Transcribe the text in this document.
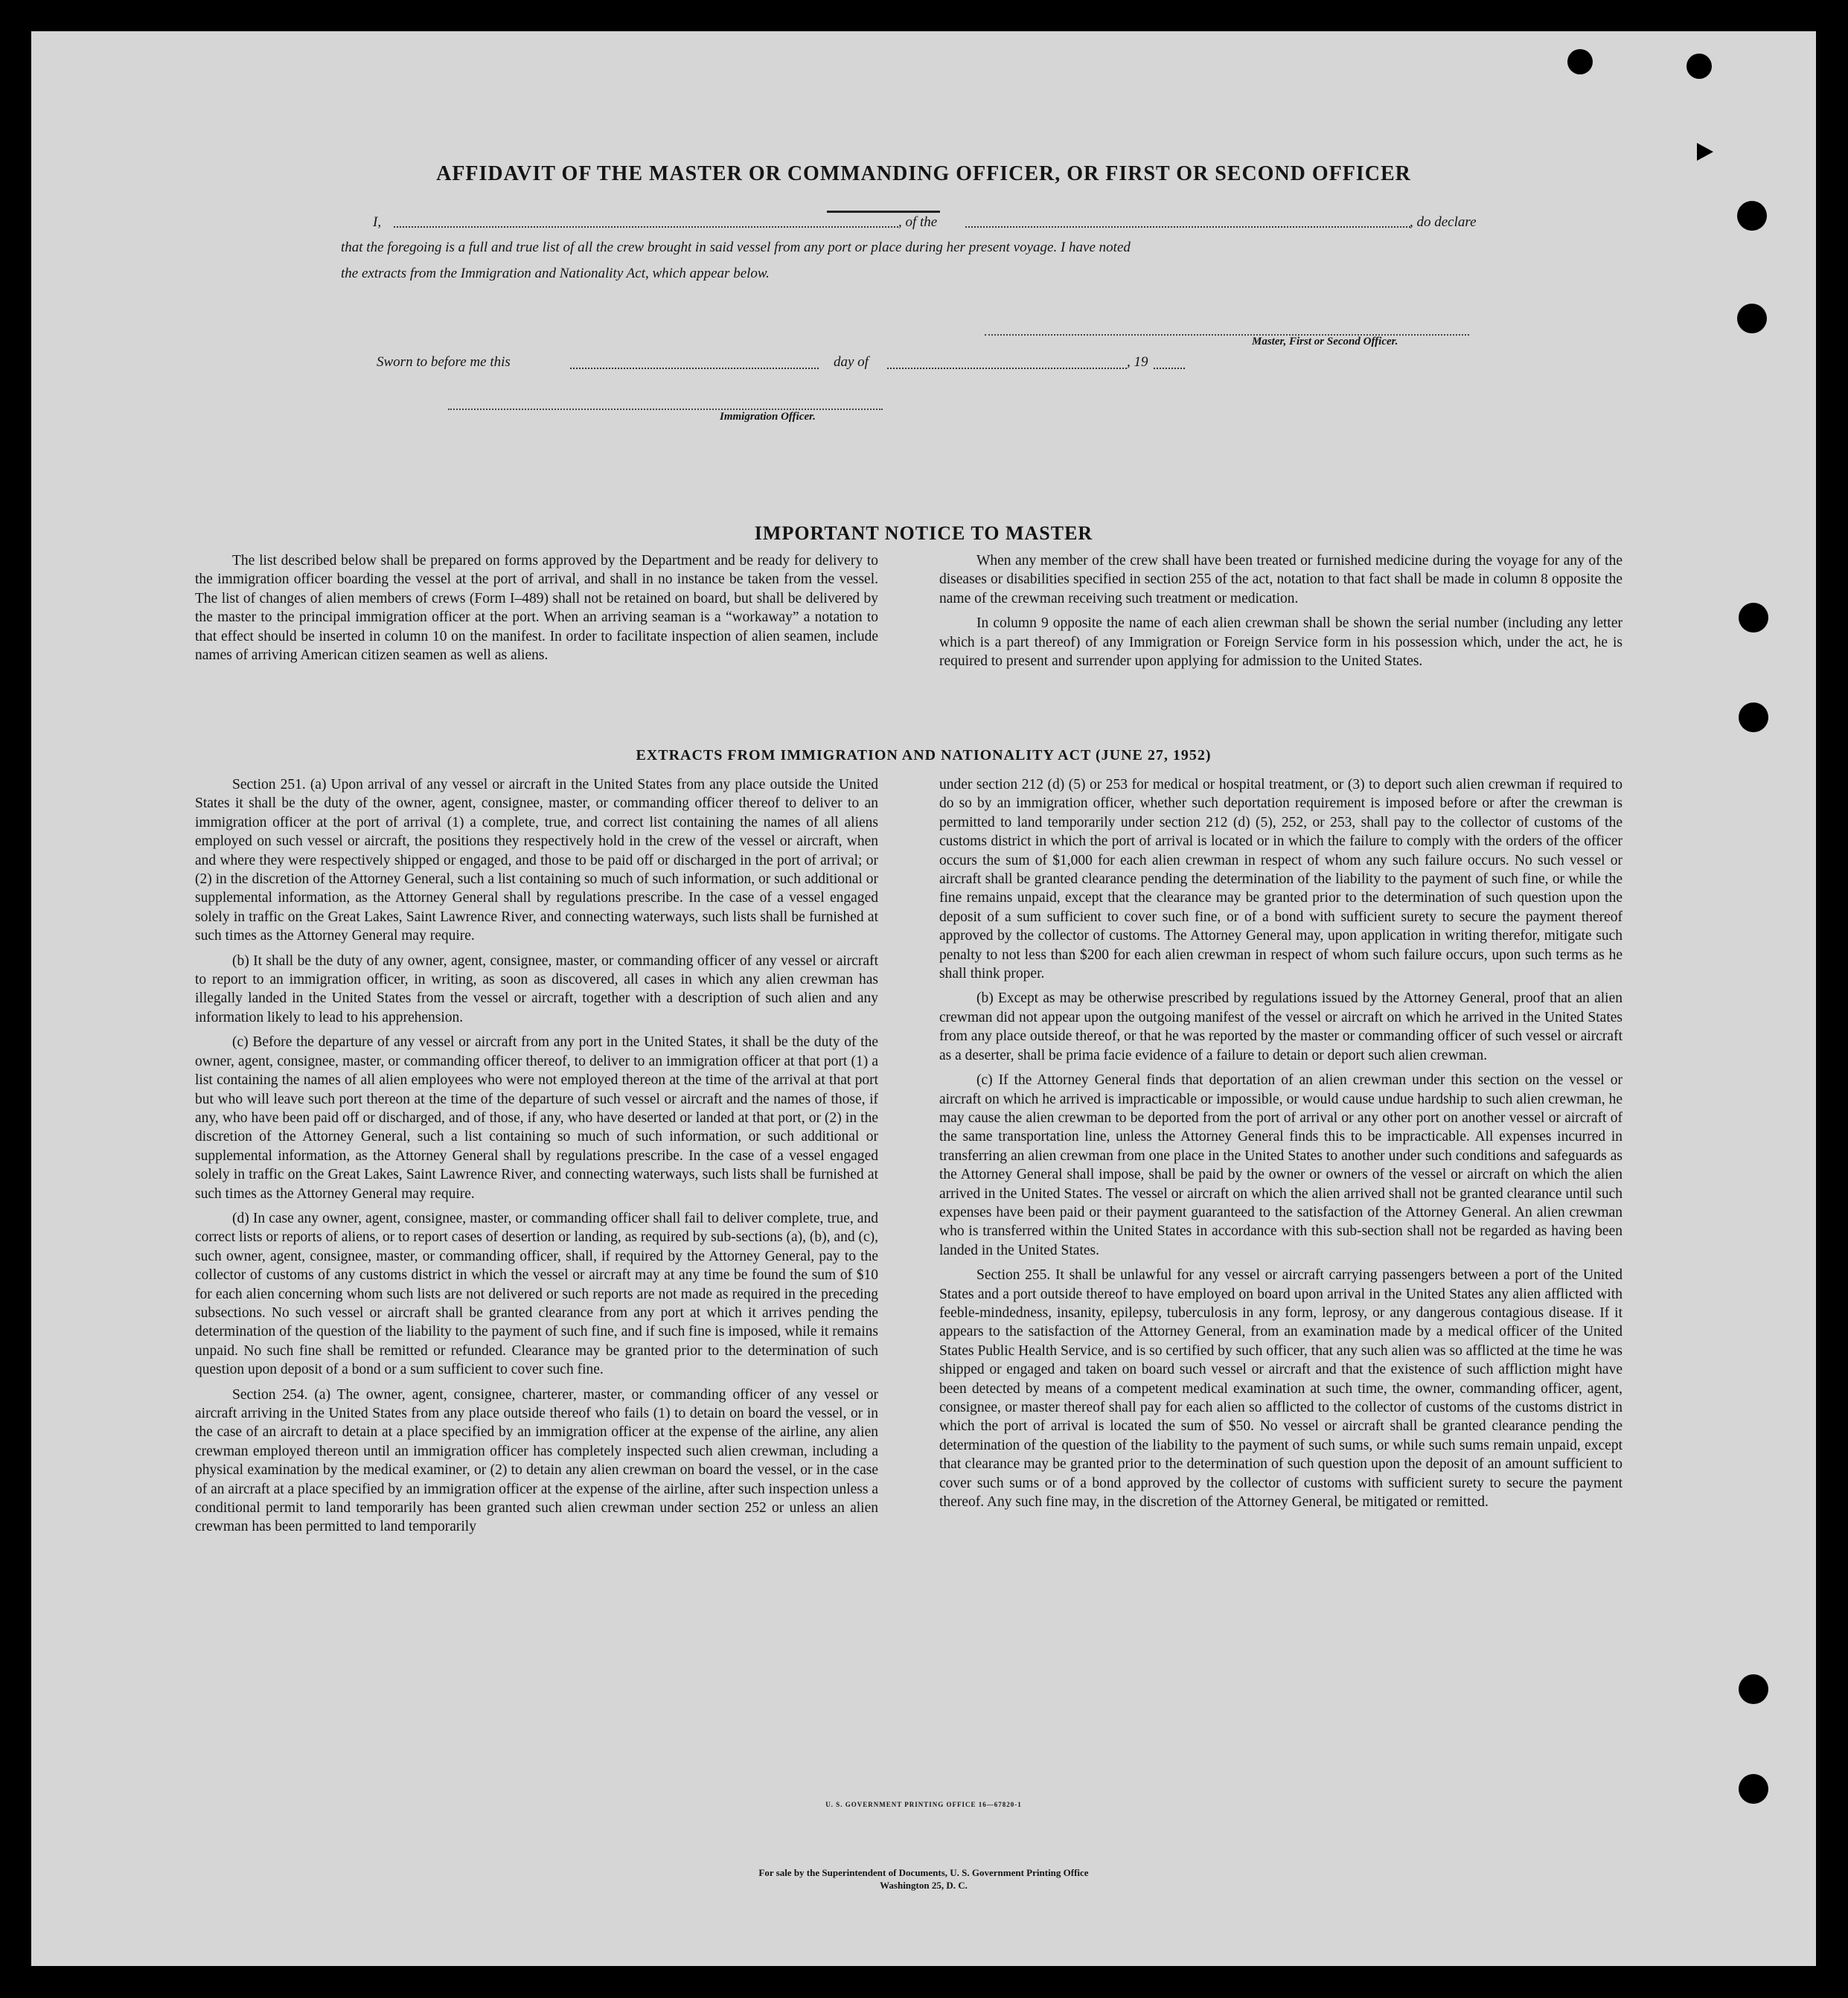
AFFIDAVIT OF THE MASTER OR COMMANDING OFFICER, OR FIRST OR SECOND OFFICER
I,	, of the	, do declare
that the foregoing is a full and true list of all the crew brought in said vessel from any port or place during her present voyage. I have noted
the extracts from the Immigration and Nationality Act, which appear below.
Master, First or Second Officer.
Sworn to before me this	day of	, 19
Immigration Officer.
IMPORTANT NOTICE TO MASTER

The list described below shall be prepared on forms approved by the Department and be ready for delivery to the immigration officer boarding the vessel at the port of arrival, and shall in no instance be taken from the vessel. The list of changes of alien members of crews (Form I–489) shall not be retained on board, but shall be delivered by the master to the principal immigration officer at the port. When an arriving seaman is a “workaway” a notation to that effect should be inserted in column 10 on the manifest. In order to facilitate inspection of alien seamen, include names of arriving American citizen seamen as well as aliens.

When any member of the crew shall have been treated or furnished medicine during the voyage for any of the diseases or disabilities specified in section 255 of the act, notation to that fact shall be made in column 8 opposite the name of the crewman receiving such treatment or medication.

In column 9 opposite the name of each alien crewman shall be shown the serial number (including any letter which is a part thereof) of any Immigration or Foreign Service form in his possession which, under the act, he is required to present and surrender upon applying for admission to the United States.

EXTRACTS FROM IMMIGRATION AND NATIONALITY ACT (JUNE 27, 1952)

Section 251. (a) Upon arrival of any vessel or aircraft in the United States from any place outside the United States it shall be the duty of the owner, agent, consignee, master, or commanding officer thereof to deliver to an immigration officer at the port of arrival (1) a complete, true, and correct list containing the names of all aliens employed on such vessel or aircraft, the positions they respectively hold in the crew of the vessel or aircraft, when and where they were respectively shipped or engaged, and those to be paid off or discharged in the port of arrival; or (2) in the discretion of the Attorney General, such a list containing so much of such information, or such additional or supplemental information, as the Attorney General shall by regulations prescribe. In the case of a vessel engaged solely in traffic on the Great Lakes, Saint Lawrence River, and connecting waterways, such lists shall be furnished at such times as the Attorney General may require.

(b) It shall be the duty of any owner, agent, consignee, master, or commanding officer of any vessel or aircraft to report to an immigration officer, in writing, as soon as discovered, all cases in which any alien crewman has illegally landed in the United States from the vessel or aircraft, together with a description of such alien and any information likely to lead to his apprehension.

(c) Before the departure of any vessel or aircraft from any port in the United States, it shall be the duty of the owner, agent, consignee, master, or commanding officer thereof, to deliver to an immigration officer at that port (1) a list containing the names of all alien employees who were not employed thereon at the time of the arrival at that port but who will leave such port thereon at the time of the departure of such vessel or aircraft and the names of those, if any, who have been paid off or discharged, and of those, if any, who have deserted or landed at that port, or (2) in the discretion of the Attorney General, such a list containing so much of such information, or such additional or supplemental information, as the Attorney General shall by regulations prescribe. In the case of a vessel engaged solely in traffic on the Great Lakes, Saint Lawrence River, and connecting waterways, such lists shall be furnished at such times as the Attorney General may require.

(d) In case any owner, agent, consignee, master, or commanding officer shall fail to deliver complete, true, and correct lists or reports of aliens, or to report cases of desertion or landing, as required by sub-sections (a), (b), and (c), such owner, agent, consignee, master, or commanding officer, shall, if required by the Attorney General, pay to the collector of customs of any customs district in which the vessel or aircraft may at any time be found the sum of $10 for each alien concerning whom such lists are not delivered or such reports are not made as required in the preceding subsections. No such vessel or aircraft shall be granted clearance from any port at which it arrives pending the determination of the question of the liability to the payment of such fine, and if such fine is imposed, while it remains unpaid. No such fine shall be remitted or refunded. Clearance may be granted prior to the determination of such question upon deposit of a bond or a sum sufficient to cover such fine.

Section 254. (a) The owner, agent, consignee, charterer, master, or commanding officer of any vessel or aircraft arriving in the United States from any place outside thereof who fails (1) to detain on board the vessel, or in the case of an aircraft to detain at a place specified by an immigration officer at the expense of the airline, any alien crewman employed thereon until an immigration officer has completely inspected such alien crewman, including a physical examination by the medical examiner, or (2) to detain any alien crewman on board the vessel, or in the case of an aircraft at a place specified by an immigration officer at the expense of the airline, after such inspection unless a conditional permit to land temporarily has been granted such alien crewman under section 252 or unless an alien crewman has been permitted to land temporarily

under section 212 (d) (5) or 253 for medical or hospital treatment, or (3) to deport such alien crewman if required to do so by an immigration officer, whether such deportation requirement is imposed before or after the crewman is permitted to land temporarily under section 212 (d) (5), 252, or 253, shall pay to the collector of customs of the customs district in which the port of arrival is located or in which the failure to comply with the orders of the officer occurs the sum of $1,000 for each alien crewman in respect of whom any such failure occurs. No such vessel or aircraft shall be granted clearance pending the determination of the liability to the payment of such fine, or while the fine remains unpaid, except that the clearance may be granted prior to the determination of such question upon the deposit of a sum sufficient to cover such fine, or of a bond with sufficient surety to secure the payment thereof approved by the collector of customs. The Attorney General may, upon application in writing therefor, mitigate such penalty to not less than $200 for each alien crewman in respect of whom such failure occurs, upon such terms as he shall think proper.

(b) Except as may be otherwise prescribed by regulations issued by the Attorney General, proof that an alien crewman did not appear upon the outgoing manifest of the vessel or aircraft on which he arrived in the United States from any place outside thereof, or that he was reported by the master or commanding officer of such vessel or aircraft as a deserter, shall be prima facie evidence of a failure to detain or deport such alien crewman.

(c) If the Attorney General finds that deportation of an alien crewman under this section on the vessel or aircraft on which he arrived is impracticable or impossible, or would cause undue hardship to such alien crewman, he may cause the alien crewman to be deported from the port of arrival or any other port on another vessel or aircraft of the same transportation line, unless the Attorney General finds this to be impracticable. All expenses incurred in transferring an alien crewman from one place in the United States to another under such conditions and safeguards as the Attorney General shall impose, shall be paid by the owner or owners of the vessel or aircraft on which the alien arrived in the United States. The vessel or aircraft on which the alien arrived shall not be granted clearance until such expenses have been paid or their payment guaranteed to the satisfaction of the Attorney General. An alien crewman who is transferred within the United States in accordance with this sub-section shall not be regarded as having been landed in the United States.

Section 255. It shall be unlawful for any vessel or aircraft carrying passengers between a port of the United States and a port outside thereof to have employed on board upon arrival in the United States any alien afflicted with feeble-mindedness, insanity, epilepsy, tuberculosis in any form, leprosy, or any dangerous contagious disease. If it appears to the satisfaction of the Attorney General, from an examination made by a medical officer of the United States Public Health Service, and is so certified by such officer, that any such alien was so afflicted at the time he was shipped or engaged and taken on board such vessel or aircraft and that the existence of such affliction might have been detected by means of a competent medical examination at such time, the owner, commanding officer, agent, consignee, or master thereof shall pay for each alien so afflicted to the collector of customs of the customs district in which the port of arrival is located the sum of $50. No vessel or aircraft shall be granted clearance pending the determination of the question of the liability to the payment of such sums, or while such sums remain unpaid, except that clearance may be granted prior to the determination of such question upon the deposit of an amount sufficient to cover such sums or of a bond approved by the collector of customs with sufficient surety to secure the payment thereof. Any such fine may, in the discretion of the Attorney General, be mitigated or remitted.

U. S. GOVERNMENT PRINTING OFFICE 16—67820-1
For sale by the Superintendent of Documents, U. S. Government Printing Office
Washington 25, D. C.
